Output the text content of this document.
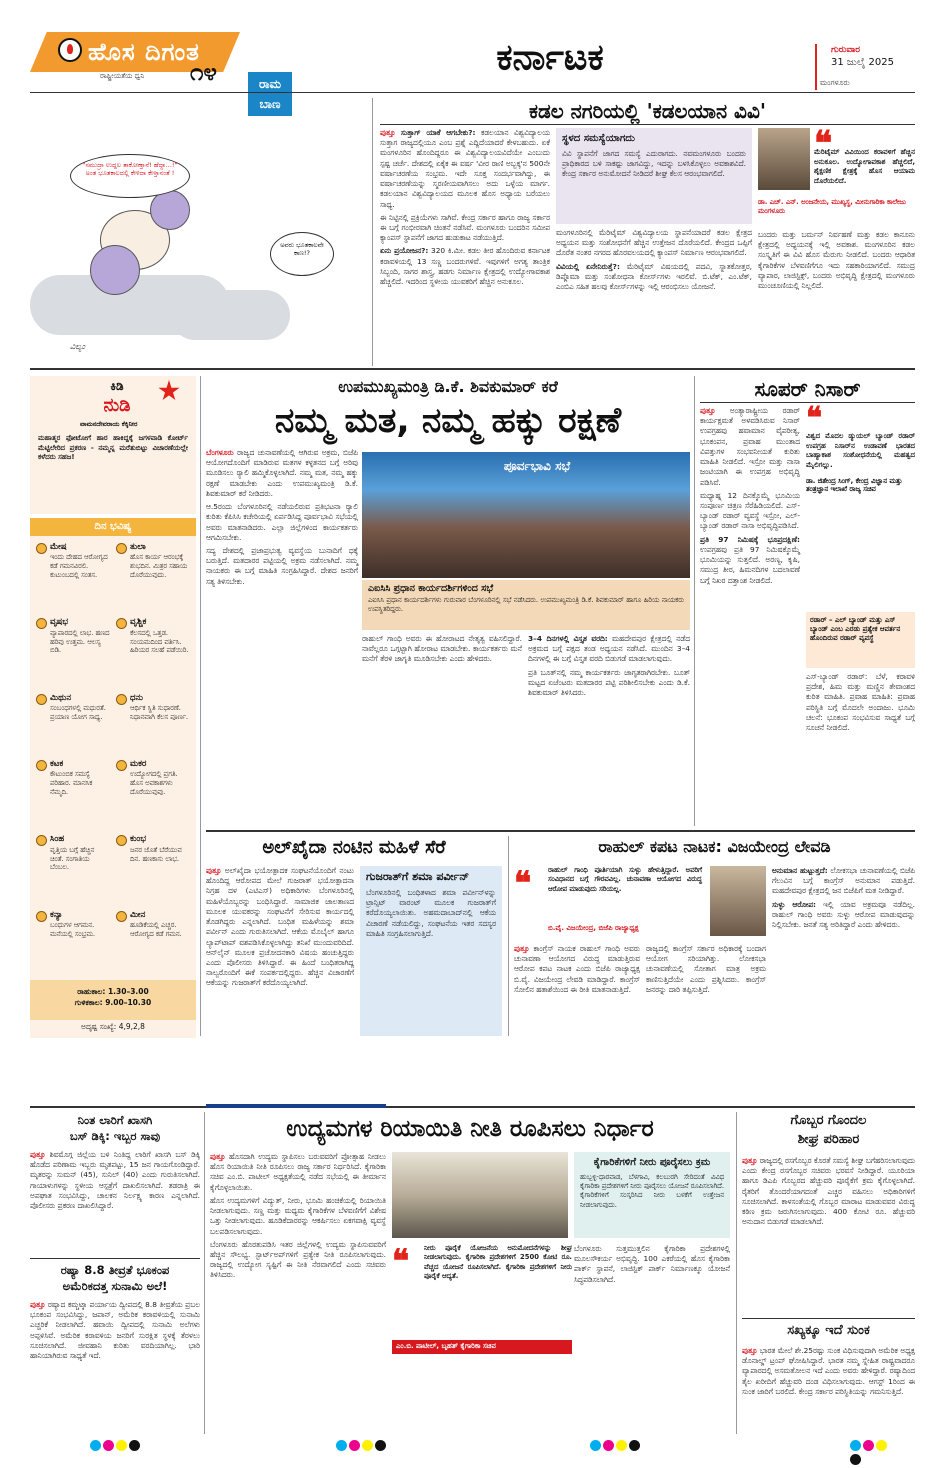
ಹೊಸ ದಿಗಂತ
ರಾಷ್ಟ್ರೀಯತೆಯ ಧ್ವನಿ	೧೪	ರಾಮ
ಬಾಣ
ಕರ್ನಾಟಕ	ಗುರುವಾರ
31 ಜುಲೈ 2025
ಮಂಗಳೂರು
"ಸಮುದ್ರಾ ಉದ್ದಲ ತಾಕೋಣ್ತಾನೆ! ಹೆದ್ದಾ...!" ಅಂತ ಭೂತಕಾಲದಲ್ಲಿ ಕೇಳಿದಾ ಕೇಳ್ತಾನಂತೆ !
ಅವರು ಭೂತಕಾಲವೇ ಕಾಣ!?
ವಿಲ್ಯಂ
ಕಡಲ ನಗರಿಯಲ್ಲಿ 'ಕಡಲಯಾನ ವಿವಿ'

ಪುತ್ತೂ ಸುತ್ತಾಗ್ ಯಾಕೆ ಆಗಬೇಕು?: ಕಡಲಯಾನ ವಿಶ್ವವಿದ್ಯಾಲಯ ಸುತ್ತಾಗ ರಾಜ್ಯದಲ್ಲಿಯೂ ಎಂಬ ಪ್ರಶ್ನೆ ಎದ್ದಿದೆಯಾದರೆ ಕೇಳಬಹುದು. ಏಕೆ ಮಂಗಳೂರಿನ ಹೊಂದಿದ್ದರೂ ಈ ವಿಶ್ವವಿದ್ಯಾಲಯವಿದೆಯೇ ಎಂಬುದು ಸ್ಪಷ್ಟ ಚರ್ಚೆ. ದೇಶದಲ್ಲಿ ಏಕೈಕ ಈ ವರ್ಷ 'ವೀರ ರಾಣಿ ಅಬ್ಬಕ್ಕ'ನ 500ನೇ ವರ್ಷಾಚರಣೆಯ ಸಂಭ್ರಮ. ಇದೇ ಸೂಕ್ತ ಸಂದರ್ಭವಾಗಿದ್ದು, ಈ ವರ್ಷಾಚರಣೆಯನ್ನು ಸ್ಮರಣೀಯವಾಗಿಸಲು ಅದು ಒಳ್ಳೆಯ ಮಾರ್ಗ. ಕಡಲಯಾನ ವಿಶ್ವವಿದ್ಯಾಲಯದ ಮೂಲಕ ಹೊಸ ಅಧ್ಯಾಯ ಬರೆಯಲು ಸಾಧ್ಯ.

ಈ ನಿಟ್ಟಿನಲ್ಲಿ ಪ್ರಕ್ರಿಯೆಗಳು ಸಾಗಿವೆ. ಕೇಂದ್ರ ಸರ್ಕಾರ ಹಾಗೂ ರಾಜ್ಯ ಸರ್ಕಾರ ಈ ಬಗ್ಗೆ ಗಂಭೀರವಾಗಿ ಚಿಂತನೆ ನಡೆಸಿವೆ. ಮಂಗಳೂರು ಬಂದರಿನ ಸಮೀಪ ಕ್ಯಾಂಪಸ್ ಸ್ಥಾಪನೆಗೆ ಜಾಗದ ಹುಡುಕಾಟ ನಡೆಯುತ್ತಿದೆ.

ಏನು ಪ್ರಯೋಜನ?: 320 ಕಿ.ಮೀ. ಕಡಲ ತೀರ ಹೊಂದಿರುವ ಕರ್ನಾಟಕ ಕರಾವಳಿಯಲ್ಲಿ 13 ಸಣ್ಣ ಬಂದರುಗಳಿವೆ. ಇವುಗಳಿಗೆ ಅಗತ್ಯ ತಾಂತ್ರಿಕ ಸಿಬ್ಬಂದಿ, ಸಾಗರ ಶಾಸ್ತ್ರ, ಹಡಗು ನಿರ್ಮಾಣ ಕ್ಷೇತ್ರದಲ್ಲಿ ಉದ್ಯೋಗಾವಕಾಶ ಹೆಚ್ಚಲಿದೆ. ಇದರಿಂದ ಸ್ಥಳೀಯ ಯುವಕರಿಗೆ ಹೆಚ್ಚಿನ ಅನುಕೂಲ.

ಸ್ಥಳದ ಸಮಸ್ಯೆಯಾಗದು
ವಿವಿ ಸ್ಥಾಪನೆಗೆ ಜಾಗದ ಸಮಸ್ಯೆ ಎದುರಾಗದು. ನವಮಂಗಳೂರು ಬಂದರು ಪ್ರಾಧಿಕಾರದ ಬಳಿ ಸಾಕಷ್ಟು ಜಾಗವಿದ್ದು, ಇದನ್ನು ಬಳಸಿಕೊಳ್ಳಲು ಅವಕಾಶವಿದೆ. ಕೇಂದ್ರ ಸರ್ಕಾರ ಅನುಮೋದನೆ ನೀಡಿದರೆ ಶೀಘ್ರ ಕೆಲಸ ಆರಂಭವಾಗಲಿದೆ.

ಮಂಗಳೂರಿನಲ್ಲಿ ಮೆರಿಟೈಮ್ ವಿಶ್ವವಿದ್ಯಾಲಯ ಸ್ಥಾಪನೆಯಾದರೆ ಕಡಲ ಕ್ಷೇತ್ರದ ಅಧ್ಯಯನ ಮತ್ತು ಸಂಶೋಧನೆಗೆ ಹೆಚ್ಚಿನ ಉತ್ತೇಜನ ದೊರೆಯಲಿದೆ. ಕೇಂದ್ರದ ಒಪ್ಪಿಗೆ ದೊರೆತ ನಂತರ ನಗರದ ಹೊರವಲಯದಲ್ಲಿ ಕ್ಯಾಂಪಸ್ ನಿರ್ಮಾಣ ಆರಂಭವಾಗಲಿದೆ.

ವಿವಿಯಲ್ಲಿ ಏನೇನಿರುತ್ತೆ?: ಮೆರಿಟೈಮ್ ವಿಷಯದಲ್ಲಿ ಪದವಿ, ಸ್ನಾತಕೋತ್ತರ, ಡಿಪ್ಲೊಮಾ ಮತ್ತು ಸಂಶೋಧನಾ ಕೋರ್ಸ್‌ಗಳು ಇರಲಿವೆ. ಬಿ.ಟೆಕ್, ಎಂ.ಟೆಕ್, ಎಂಬಿಎ ಸಹಿತ ಹಲವು ಕೋರ್ಸ್‌ಗಳನ್ನು ಇಲ್ಲಿ ಆರಂಭಿಸಲು ಯೋಜನೆ.

❝
ಮೆರಿಟೈಮ್ ವಿವಿಯಿಂದ ಕರಾವಳಿಗೆ ಹೆಚ್ಚಿನ ಅನುಕೂಲ. ಉದ್ಯೋಗಾವಕಾಶ ಹೆಚ್ಚಲಿದೆ, ಶೈಕ್ಷಣಿಕ ಕ್ಷೇತ್ರಕ್ಕೆ ಹೊಸ ಆಯಾಮ ದೊರೆಯಲಿದೆ.
ಡಾ. ಎಚ್. ಎನ್. ಅಂಜನೇಯ, ಮುಖ್ಯಸ್ಥ, ಮೀನುಗಾರಿಕಾ ಕಾಲೇಜು ಮಂಗಳೂರು
ಬಂದರು ಮತ್ತು ಬರ್ಮನ್ ನಿರ್ವಹಣೆ ಮತ್ತು ಕಡಲ ಕಾನೂನು ಕ್ಷೇತ್ರದಲ್ಲಿ ಅಧ್ಯಯನಕ್ಕೆ ಇಲ್ಲಿ ಅವಕಾಶ. ಮಂಗಳೂರಿನ ಕಡಲ ಸಂಸ್ಕೃತಿಗೆ ಈ ವಿವಿ ಹೊಸ ಮೆರುಗು ನೀಡಲಿದೆ. ಬಂದರು ಆಧಾರಿತ ಕೈಗಾರಿಕೆಗಳ ಬೆಳವಣಿಗೆಗೂ ಇದು ಸಹಕಾರಿಯಾಗಲಿದೆ. ಸಮುದ್ರ ವ್ಯಾಪಾರ, ಲಾಜಿಸ್ಟಿಕ್ಸ್, ಬಂದರು ಅಭಿವೃದ್ಧಿ ಕ್ಷೇತ್ರದಲ್ಲಿ ಮಂಗಳೂರು ಮುಂಚೂಣಿಯಲ್ಲಿ ನಿಲ್ಲಲಿದೆ.
ಕಿಡಿ
ನುಡಿ
ವಾಮನದೇವರಾಯ ಕೆಕ್ಕಿನೀರ
ಮಹಾತ್ಮರ ಫೋಟೋಗೆ ಹಾರ ಹಾಕಿದ್ದಕ್ಕೆ ಜಗಳವಾಡಿ ಕೋರ್ಟ್ ಮೆಟ್ಟಿಲೇರಿದ ಪ್ರಕರಣ - ನಮ್ಮನ್ನ ಮರೆತುಬಿಟ್ಟು ವಿಚಾರಣೆಯಲ್ಲೇ ಕಳೆದರು ಸಹಜ!
ದಿನ ಭವಿಷ್ಯ
ಮೇಷ
ಇಂದು ದೇಹದ ಆರೋಗ್ಯದ ಕಡೆ ಗಮನವಿರಲಿ. ಕುಟುಂಬದಲ್ಲಿ ಸಂತಸ.
ತುಲಾ
ಹೊಸ ಕಾರ್ಯ ಆರಂಭಕ್ಕೆ ಶುಭದಿನ. ಮಿತ್ರರ ಸಹಾಯ ದೊರೆಯುವುದು.
ವೃಷಭ
ವ್ಯಾಪಾರದಲ್ಲಿ ಲಾಭ. ಹಣದ ಹರಿವು ಉತ್ತಮ. ಆಲಸ್ಯ ಬಿಡಿ.
ವೃಶ್ಚಿಕ
ಕೆಲಸದಲ್ಲಿ ಒತ್ತಡ. ಸಂಯಮದಿಂದ ವರ್ತಿಸಿ. ಹಿರಿಯರ ಸಲಹೆ ಪಡೆಯಿರಿ.
ಮಿಥುನ
ಸಂಬಂಧಗಳಲ್ಲಿ ಮಧುರತೆ. ಪ್ರಯಾಣ ಯೋಗ ಸಾಧ್ಯ.
ಧನು
ಆರ್ಥಿಕ ಸ್ಥಿತಿ ಸುಧಾರಣೆ. ನಿಧಾನವಾಗಿ ಕೆಲಸ ಪೂರ್ಣ.
ಕಟಕ
ಕೌಟುಂಬಿಕ ಸಮಸ್ಯೆ ಪರಿಹಾರ. ಮಾನಸಿಕ ನೆಮ್ಮದಿ.
ಮಕರ
ಉದ್ಯೋಗದಲ್ಲಿ ಪ್ರಗತಿ. ಹೊಸ ಅವಕಾಶಗಳು ದೊರೆಯುವುವು.
ಸಿಂಹ
ವೃತ್ತಿಯ ಬಗ್ಗೆ ಹೆಚ್ಚಿನ ಚಿಂತೆ. ಸಂಗಾತಿಯ ಬೆಂಬಲ.
ಕುಂಭ
ಜನರ ಜೊತೆ ಬೆರೆಯುವ ದಿನ. ಹಣಕಾಸು ಲಾಭ.
ಕನ್ಯಾ
ಬಂಧುಗಳ ಆಗಮನ. ಮನೆಯಲ್ಲಿ ಸಂಭ್ರಮ.
ಮೀನ
ಹೂಡಿಕೆಯಲ್ಲಿ ಎಚ್ಚರ. ಆರೋಗ್ಯದ ಕಡೆ ಗಮನ.
ರಾಹುಕಾಲ: 1.30–3.00
ಗುಳಿಕಕಾಲ: 9.00–10.30
ಅದೃಷ್ಟ ಸಂಖ್ಯೆ: 4,9,2,8
ಉಪಮುಖ್ಯಮಂತ್ರಿ ಡಿ.ಕೆ. ಶಿವಕುಮಾರ್ ಕರೆ
ನಮ್ಮ ಮತ, ನಮ್ಮ ಹಕ್ಕು ರಕ್ಷಣೆ

ಬೆಂಗಳೂರು ರಾಜ್ಯದ ಚುನಾವಣೆಯಲ್ಲಿ ಆಗಿರುವ ಅಕ್ರಮ, ಬಿಜೆಪಿ ಆಯೋಗದೊಂದಿಗೆ ಮಾಡಿರುವ ಮತಗಳ ಕಳ್ಳತನದ ಬಗ್ಗೆ ಅರಿವು ಮೂಡಿಸಲು ರ‍್ಯಾಲಿ ಹಮ್ಮಿಕೊಳ್ಳಲಾಗಿದೆ. ನಮ್ಮ ಮತ, ನಮ್ಮ ಹಕ್ಕು ರಕ್ಷಣೆ ಮಾಡಬೇಕು ಎಂದು ಉಪಮುಖ್ಯಮಂತ್ರಿ ಡಿ.ಕೆ. ಶಿವಕುಮಾರ್ ಕರೆ ನೀಡಿದರು.

ಆ.5ರಂದು ಬೆಂಗಳೂರಿನಲ್ಲಿ ನಡೆಯಲಿರುವ ಪ್ರತಿಭಟನಾ ರ‍್ಯಾಲಿ ಕುರಿತು ಕೆಪಿಸಿಸಿ ಕಚೇರಿಯಲ್ಲಿ ಏರ್ಪಡಿಸಿದ್ದ ಪೂರ್ವಭಾವಿ ಸಭೆಯಲ್ಲಿ ಅವರು ಮಾತನಾಡಿದರು. ಎಲ್ಲಾ ಜಿಲ್ಲೆಗಳಿಂದ ಕಾರ್ಯಕರ್ತರು ಆಗಮಿಸಬೇಕು.

ಸದ್ಯ ದೇಶದಲ್ಲಿ ಪ್ರಜಾಪ್ರಭುತ್ವ ವ್ಯವಸ್ಥೆಯ ಬುನಾದಿಗೆ ಧಕ್ಕೆ ಬರುತ್ತಿದೆ. ಮತದಾರರ ಪಟ್ಟಿಯಲ್ಲಿ ಅಕ್ರಮ ನಡೆಸಲಾಗಿದೆ. ನಮ್ಮ ನಾಯಕರು ಈ ಬಗ್ಗೆ ಮಾಹಿತಿ ಸಂಗ್ರಹಿಸಿದ್ದಾರೆ. ದೇಶದ ಜನರಿಗೆ ಸತ್ಯ ತಿಳಿಸಬೇಕು.

ಪೂರ್ವಭಾವಿ ಸಭೆ
ಎಐಸಿಸಿ ಪ್ರಧಾನ ಕಾರ್ಯದರ್ಶಿಗಳಿಂದ ಸಭೆ
ಎಐಸಿಸಿ ಪ್ರಧಾನ ಕಾರ್ಯದರ್ಶಿಗಳು ಗುರುವಾರ ಬೆಂಗಳೂರಿನಲ್ಲಿ ಸಭೆ ನಡೆಸಿದರು. ಉಪಮುಖ್ಯಮಂತ್ರಿ ಡಿ.ಕೆ. ಶಿವಕುಮಾರ್ ಹಾಗೂ ಹಿರಿಯ ನಾಯಕರು ಉಪಸ್ಥಿತರಿದ್ದರು.

ರಾಹುಲ್ ಗಾಂಧಿ ಅವರು ಈ ಹೋರಾಟದ ನೇತೃತ್ವ ವಹಿಸಲಿದ್ದಾರೆ. ನಾವೆಲ್ಲರೂ ಒಗ್ಗಟ್ಟಾಗಿ ಹೋರಾಟ ಮಾಡಬೇಕು. ಕಾರ್ಯಕರ್ತರು ಮನೆ ಮನೆಗೆ ತೆರಳಿ ಜಾಗೃತಿ ಮೂಡಿಸಬೇಕು ಎಂದು ಹೇಳಿದರು.

3–4 ದಿನಗಳಲ್ಲಿ ವಿಸ್ತೃತ ವರದಿ: ಮಹದೇವಪುರ ಕ್ಷೇತ್ರದಲ್ಲಿ ನಡೆದ ಅಕ್ರಮದ ಬಗ್ಗೆ ಪಕ್ಷದ ತಂಡ ಅಧ್ಯಯನ ನಡೆಸಿದೆ. ಮುಂದಿನ 3–4 ದಿನಗಳಲ್ಲಿ ಈ ಬಗ್ಗೆ ವಿಸ್ತೃತ ವರದಿ ಬಿಡುಗಡೆ ಮಾಡಲಾಗುವುದು.

ಪ್ರತಿ ಬೂತ್‌ನಲ್ಲಿ ನಮ್ಮ ಕಾರ್ಯಕರ್ತರು ಜಾಗೃತರಾಗಿರಬೇಕು. ಬೂತ್ ಮಟ್ಟದ ಏಜೆಂಟರು ಮತದಾರರ ಪಟ್ಟಿ ಪರಿಶೀಲಿಸಬೇಕು ಎಂದು ಡಿ.ಕೆ. ಶಿವಕುಮಾರ್ ತಿಳಿಸಿದರು.

ಸೂಪರ್ ನಿಸಾರ್

ಪುತ್ತೂ ಅಂತ್ಯಾರಾಷ್ಟ್ರೀಯ ರಡಾರ್ ಕಾರ್ಯಕ್ಷಮತೆ ಅಳವಡಿಸಿರುವ ನಿಸಾರ್ ಉಪಗ್ರಹವು ಹವಾಮಾನ ವೈಪರೀತ್ಯ, ಭೂಕಂಪನ, ಪ್ರವಾಹ ಮುಂತಾದ ವಿಪತ್ತುಗಳ ಸಂಭವನೀಯತೆ ಕುರಿತು ಮಾಹಿತಿ ನೀಡಲಿದೆ. ಇಸ್ರೋ ಮತ್ತು ನಾಸಾ ಜಂಟಿಯಾಗಿ ಈ ಉಪಗ್ರಹ ಅಭಿವೃದ್ಧಿ ಪಡಿಸಿವೆ.

ಮಧ್ಯಾಹ್ನ 12 ದಿನಕ್ಕೊಮ್ಮೆ ಭೂಮಿಯ ಸಂಪೂರ್ಣ ಚಿತ್ರಣ ಸೆರೆಹಿಡಿಯಲಿದೆ. ಎಸ್-ಬ್ಯಾಂಡ್ ರಡಾರ್ ವ್ಯವಸ್ಥೆ ಇಸ್ರೋ, ಎಲ್-ಬ್ಯಾಂಡ್ ರಡಾರ್ ನಾಸಾ ಅಭಿವೃದ್ಧಿಪಡಿಸಿದೆ.

ಪ್ರತಿ 97 ನಿಮಿಷಕ್ಕೆ ಭೂಪ್ರದಕ್ಷಿಣೆ: ಉಪಗ್ರಹವು ಪ್ರತಿ 97 ನಿಮಿಷಕ್ಕೊಮ್ಮೆ ಭೂಮಿಯನ್ನು ಸುತ್ತಲಿದೆ. ಅರಣ್ಯ, ಕೃಷಿ, ಸಮುದ್ರ ತೀರ, ಹಿಮನದಿಗಳ ಬದಲಾವಣೆ ಬಗ್ಗೆ ನಿಖರ ದತ್ತಾಂಶ ನೀಡಲಿದೆ.

❝
ವಿಶ್ವದ ಮೊದಲ ಡ್ಯುಯಲ್ ಬ್ಯಾಂಡ್ ರಡಾರ್ ಉಪಗ್ರಹ ನಿಸಾರ್‌ನ ಉಡಾವಣೆ ಭಾರತದ ಬಾಹ್ಯಾಕಾಶ ಸಂಶೋಧನೆಯಲ್ಲಿ ಮಹತ್ವದ ಮೈಲಿಗಲ್ಲು.
ಡಾ. ಜಿತೇಂದ್ರ ಸಿಂಗ್, ಕೇಂದ್ರ ವಿಜ್ಞಾನ ಮತ್ತು ತಂತ್ರಜ್ಞಾನ ಇಲಾಖೆ ರಾಜ್ಯ ಸಚಿವ
ರಡಾರ್ – ಎಲ್ ಬ್ಯಾಂಡ್ ಮತ್ತು ಎಸ್ ಬ್ಯಾಂಡ್ ಎಂಬ ಎರಡು ಪ್ರತ್ಯೇಕ ಆವರ್ತನ ಹೊಂದಿರುವ ರಡಾರ್ ವ್ಯವಸ್ಥೆ
ಎಸ್-ಬ್ಯಾಂಡ್ ರಡಾರ್: ಬೆಳೆ, ಕರಾವಳಿ ಪ್ರದೇಶ, ಹಿಮ ಮತ್ತು ಮಣ್ಣಿನ ತೇವಾಂಶದ ಕುರಿತ ಮಾಹಿತಿ. ಪ್ರವಾಹ ಮಾಹಿತಿ: ಪ್ರವಾಹ ಪರಿಸ್ಥಿತಿ ಬಗ್ಗೆ ಮೊದಲೇ ಅಂದಾಜು. ಭೂಮಿ ಚಲನೆ: ಭೂಕಂಪ ಸಂಭವಿಸುವ ಸಾಧ್ಯತೆ ಬಗ್ಗೆ ಸೂಚನೆ ನೀಡಲಿದೆ.
ಅಲ್‌ಖೈದಾ ನಂಟಿನ ಮಹಿಳೆ ಸೆರೆ

ಪುತ್ತೂ ಅಲ್‌ಖೈದಾ ಭಯೋತ್ಪಾದಕ ಸಂಘಟನೆಯೊಂದಿಗೆ ನಂಟು ಹೊಂದಿದ್ದ ಆರೋಪದ ಮೇಲೆ ಗುಜರಾತ್ ಭಯೋತ್ಪಾದನಾ ನಿಗ್ರಹ ದಳ (ಎಟಿಎಸ್) ಅಧಿಕಾರಿಗಳು ಬೆಂಗಳೂರಿನಲ್ಲಿ ಮಹಿಳೆಯೊಬ್ಬರನ್ನು ಬಂಧಿಸಿದ್ದಾರೆ. ಸಾಮಾಜಿಕ ಜಾಲತಾಣದ ಮೂಲಕ ಯುವಕರನ್ನು ಸಂಘಟನೆಗೆ ಸೇರಿಸುವ ಕಾರ್ಯದಲ್ಲಿ ತೊಡಗಿದ್ದರು ಎನ್ನಲಾಗಿದೆ. ಬಂಧಿತ ಮಹಿಳೆಯನ್ನು ಶಮಾ ಪರ್ವೀನ್ ಎಂದು ಗುರುತಿಸಲಾಗಿದೆ. ಆಕೆಯ ಮೊಬೈಲ್ ಹಾಗೂ ಲ್ಯಾಪ್‌ಟಾಪ್ ವಶಪಡಿಸಿಕೊಳ್ಳಲಾಗಿದ್ದು ತನಿಖೆ ಮುಂದುವರಿದಿದೆ. ಆನ್‌ಲೈನ್ ಮೂಲಕ ಪ್ರಚೋದನಕಾರಿ ವಿಷಯ ಹಂಚುತ್ತಿದ್ದರು ಎಂದು ಪೊಲೀಸರು ತಿಳಿಸಿದ್ದಾರೆ. ಈ ಹಿಂದೆ ಬಂಧಿತರಾಗಿದ್ದ ನಾಲ್ವರೊಂದಿಗೆ ಈಕೆ ಸಂಪರ್ಕದಲ್ಲಿದ್ದರು. ಹೆಚ್ಚಿನ ವಿಚಾರಣೆಗೆ ಆಕೆಯನ್ನು ಗುಜರಾತ್‌ಗೆ ಕರೆದೊಯ್ಯಲಾಗಿದೆ.

ಗುಜರಾತ್‌ಗೆ ಶಮಾ ಪರ್ವೀನ್
ಬೆಂಗಳೂರಿನಲ್ಲಿ ಬಂಧಿತಳಾದ ಶಮಾ ಪರ್ವೀನ್‌ಳನ್ನು ಟ್ರಾನ್ಸಿಟ್ ವಾರಂಟ್ ಮೂಲಕ ಗುಜರಾತ್‌ಗೆ ಕರೆದೊಯ್ಯಲಾಯಿತು. ಅಹಮದಾಬಾದ್‌ನಲ್ಲಿ ಆಕೆಯ ವಿಚಾರಣೆ ನಡೆಯಲಿದ್ದು, ಸಂಘಟನೆಯ ಇತರ ಸದಸ್ಯರ ಮಾಹಿತಿ ಸಂಗ್ರಹಿಸಲಾಗುತ್ತಿದೆ.
ರಾಹುಲ್ ಕಪಟ ನಾಟಕ: ವಿಜಯೇಂದ್ರ ಲೇವಡಿ
❝	ರಾಹುಲ್ ಗಾಂಧಿ ಪೂರ್ತಿಯಾಗಿ ಸುಳ್ಳು ಹೇಳುತ್ತಿದ್ದಾರೆ. ಅವರಿಗೆ ಸಂವಿಧಾನದ ಬಗ್ಗೆ ಗೌರವವಿಲ್ಲ. ಚುನಾವಣಾ ಆಯೋಗದ ವಿರುದ್ಧ ಆರೋಪ ಮಾಡುವುದು ಸರಿಯಲ್ಲ.
ಬಿ.ವೈ. ವಿಜಯೇಂದ್ರ, ಬಿಜೆಪಿ ರಾಜ್ಯಾಧ್ಯಕ್ಷ

ಪುತ್ತೂ ಕಾಂಗ್ರೆಸ್ ನಾಯಕ ರಾಹುಲ್ ಗಾಂಧಿ ಅವರು ಚುನಾವಣಾ ಆಯೋಗದ ವಿರುದ್ಧ ಮಾಡುತ್ತಿರುವ ಆರೋಪ ಕಪಟ ನಾಟಕ ಎಂದು ಬಿಜೆಪಿ ರಾಜ್ಯಾಧ್ಯಕ್ಷ ಬಿ.ವೈ. ವಿಜಯೇಂದ್ರ ಲೇವಡಿ ಮಾಡಿದ್ದಾರೆ. ಕಾಂಗ್ರೆಸ್ ಸೋಲಿನ ಹತಾಶೆಯಿಂದ ಈ ರೀತಿ ಮಾತನಾಡುತ್ತಿದೆ.

ರಾಜ್ಯದಲ್ಲಿ ಕಾಂಗ್ರೆಸ್ ಸರ್ಕಾರ ಅಧಿಕಾರಕ್ಕೆ ಬಂದಾಗ ಆಯೋಗ ಸರಿಯಾಗಿತ್ತು. ಲೋಕಸಭಾ ಚುನಾವಣೆಯಲ್ಲಿ ಸೋತಾಗ ಮಾತ್ರ ಅಕ್ರಮ ಕಾಣಿಸುತ್ತಿದೆಯೇ ಎಂದು ಪ್ರಶ್ನಿಸಿದರು. ಕಾಂಗ್ರೆಸ್ ಜನರನ್ನು ದಾರಿ ತಪ್ಪಿಸುತ್ತಿದೆ.

ಅನುಮಾನ ಹುಟ್ಟುತ್ತದೆ: ಲೋಕಸಭಾ ಚುನಾವಣೆಯಲ್ಲಿ ಬಿಜೆಪಿ ಗೆಲುವಿನ ಬಗ್ಗೆ ಕಾಂಗ್ರೆಸ್ ಅನುಮಾನ ಪಡುತ್ತಿದೆ. ಮಹದೇವಪುರ ಕ್ಷೇತ್ರದಲ್ಲಿ ಜನ ಬಿಜೆಪಿಗೆ ಮತ ನೀಡಿದ್ದಾರೆ.

ಸುಳ್ಳು ಆರೋಪ: ಇಲ್ಲಿ ಯಾವ ಅಕ್ರಮವೂ ನಡೆದಿಲ್ಲ. ರಾಹುಲ್ ಗಾಂಧಿ ಅವರು ಸುಳ್ಳು ಆರೋಪ ಮಾಡುವುದನ್ನು ನಿಲ್ಲಿಸಬೇಕು. ಜನತೆ ಸತ್ಯ ಅರಿತಿದ್ದಾರೆ ಎಂದು ಹೇಳಿದರು.

ನಿಂತ ಲಾರಿಗೆ ಖಾಸಗಿ
ಬಸ್ ಡಿಕ್ಕಿ: ಇಬ್ಬರ ಸಾವು
ಪುತ್ತೂ ಶಿವಮೊಗ್ಗ ಜಿಲ್ಲೆಯ ಬಳಿ ನಿಂತಿದ್ದ ಲಾರಿಗೆ ಖಾಸಗಿ ಬಸ್ ಡಿಕ್ಕಿ ಹೊಡೆದ ಪರಿಣಾಮ ಇಬ್ಬರು ಮೃತಪಟ್ಟು, 15 ಜನ ಗಾಯಗೊಂಡಿದ್ದಾರೆ. ಮೃತರನ್ನು ಸುಮನ್ (45), ಸುನಿಲ್ (40) ಎಂದು ಗುರುತಿಸಲಾಗಿದೆ. ಗಾಯಾಳುಗಳನ್ನು ಸ್ಥಳೀಯ ಆಸ್ಪತ್ರೆಗೆ ದಾಖಲಿಸಲಾಗಿದೆ. ತಡರಾತ್ರಿ ಈ ಅಪಘಾತ ಸಂಭವಿಸಿದ್ದು, ಚಾಲಕನ ನಿರ್ಲಕ್ಷ್ಯ ಕಾರಣ ಎನ್ನಲಾಗಿದೆ. ಪೊಲೀಸರು ಪ್ರಕರಣ ದಾಖಲಿಸಿದ್ದಾರೆ.
ರಷ್ಯಾ 8.8 ತೀವ್ರತೆ ಭೂಕಂಪ
ಅಮೆರಿಕದತ್ತ ಸುನಾಮಿ ಅಲೆ!
ಪುತ್ತೂ ರಷ್ಯಾದ ಕಮ್ಚಟ್ಕಾ ಪರ್ಯಾಯ ದ್ವೀಪದಲ್ಲಿ 8.8 ತೀವ್ರತೆಯ ಪ್ರಬಲ ಭೂಕಂಪ ಸಂಭವಿಸಿದ್ದು, ಜಪಾನ್, ಅಮೆರಿಕ ಕರಾವಳಿಯಲ್ಲಿ ಸುನಾಮಿ ಎಚ್ಚರಿಕೆ ನೀಡಲಾಗಿದೆ. ಹವಾಯಿ ದ್ವೀಪದಲ್ಲಿ ಸುನಾಮಿ ಅಲೆಗಳು ಅಪ್ಪಳಿಸಿವೆ. ಅಮೆರಿಕ ಕರಾವಳಿಯ ಜನರಿಗೆ ಸುರಕ್ಷಿತ ಸ್ಥಳಕ್ಕೆ ತೆರಳಲು ಸೂಚಿಸಲಾಗಿದೆ. ಜೀವಹಾನಿ ಕುರಿತು ವರದಿಯಾಗಿಲ್ಲ. ಭಾರಿ ಹಾನಿಯಾಗಿರುವ ಸಾಧ್ಯತೆ ಇದೆ.
ಉದ್ಯಮಗಳ ರಿಯಾಯಿತಿ ನೀತಿ ರೂಪಿಸಲು ನಿರ್ಧಾರ

ಪುತ್ತೂ ಹೊಸದಾಗಿ ಉದ್ಯಮ ಸ್ಥಾಪಿಸಲು ಬರುವವರಿಗೆ ಪ್ರೋತ್ಸಾಹ ನೀಡಲು ಹೊಸ ರಿಯಾಯಿತಿ ನೀತಿ ರೂಪಿಸಲು ರಾಜ್ಯ ಸರ್ಕಾರ ನಿರ್ಧರಿಸಿದೆ. ಕೈಗಾರಿಕಾ ಸಚಿವ ಎಂ.ಬಿ. ಪಾಟೀಲ್ ಅಧ್ಯಕ್ಷತೆಯಲ್ಲಿ ನಡೆದ ಸಭೆಯಲ್ಲಿ ಈ ತೀರ್ಮಾನ ಕೈಗೊಳ್ಳಲಾಯಿತು.

ಹೊಸ ಉದ್ಯಮಗಳಿಗೆ ವಿದ್ಯುತ್, ನೀರು, ಭೂಮಿ ಹಂಚಿಕೆಯಲ್ಲಿ ರಿಯಾಯಿತಿ ನೀಡಲಾಗುವುದು. ಸಣ್ಣ ಮತ್ತು ಮಧ್ಯಮ ಕೈಗಾರಿಕೆಗಳ ಬೆಳವಣಿಗೆಗೆ ವಿಶೇಷ ಒತ್ತು ನೀಡಲಾಗುವುದು. ಹೂಡಿಕೆದಾರರನ್ನು ಆಕರ್ಷಿಸಲು ಏಕಗವಾಕ್ಷಿ ವ್ಯವಸ್ಥೆ ಬಲಪಡಿಸಲಾಗುವುದು.

ಬೆಂಗಳೂರು ಹೊರತುಪಡಿಸಿ ಇತರ ಜಿಲ್ಲೆಗಳಲ್ಲಿ ಉದ್ಯಮ ಸ್ಥಾಪಿಸುವವರಿಗೆ ಹೆಚ್ಚಿನ ಸೌಲಭ್ಯ. ಸ್ಟಾರ್ಟ್‌ಅಪ್‌ಗಳಿಗೆ ಪ್ರತ್ಯೇಕ ನೀತಿ ರೂಪಿಸಲಾಗುವುದು. ರಾಜ್ಯದಲ್ಲಿ ಉದ್ಯೋಗ ಸೃಷ್ಟಿಗೆ ಈ ನೀತಿ ನೆರವಾಗಲಿದೆ ಎಂದು ಸಚಿವರು ತಿಳಿಸಿದರು.

ಕೈಗಾರಿಕೆಗಳಿಗೆ ನೀರು ಪೂರೈಸಲು ಕ್ರಮ
ಹುಬ್ಬಳ್ಳಿ-ಧಾರವಾಡ, ಬೆಳಗಾವಿ, ಕಲಬುರಗಿ ಸೇರಿದಂತೆ ವಿವಿಧ ಕೈಗಾರಿಕಾ ಪ್ರದೇಶಗಳಿಗೆ ನೀರು ಪೂರೈಸಲು ಯೋಜನೆ ರೂಪಿಸಲಾಗಿದೆ. ಕೈಗಾರಿಕೆಗಳಿಗೆ ಸಂಸ್ಕರಿಸಿದ ನೀರು ಬಳಕೆಗೆ ಉತ್ತೇಜನ ನೀಡಲಾಗುವುದು.
❝	ನೀರು ಪೂರೈಕೆ ಯೋಜನೆಯ ಅನುಮೋದನೆಗಳನ್ನು ಶೀಘ್ರ ನೀಡಲಾಗುವುದು. ಕೈಗಾರಿಕಾ ಪ್ರದೇಶಗಳಿಗೆ 2500 ಕೋಟಿ ರೂ. ವೆಚ್ಚದ ಯೋಜನೆ ರೂಪಿಸಲಾಗಿದೆ. ಕೈಗಾರಿಕಾ ಪ್ರದೇಶಗಳಿಗೆ ನೀರು ಪೂರೈಕೆ ಆದ್ಯತೆ.
ಎಂ.ಬಿ. ಪಾಟೀಲ್, ಬೃಹತ್ ಕೈಗಾರಿಕಾ ಸಚಿವ
ಬೆಂಗಳೂರು ಸುತ್ತಮುತ್ತಲಿನ ಕೈಗಾರಿಕಾ ಪ್ರದೇಶಗಳಲ್ಲಿ ಮೂಲಸೌಕರ್ಯ ಅಭಿವೃದ್ಧಿ. 100 ಎಕರೆಯಲ್ಲಿ ಹೊಸ ಕೈಗಾರಿಕಾ ಪಾರ್ಕ್ ಸ್ಥಾಪನೆ, ಲಾಜಿಸ್ಟಿಕ್ ಪಾರ್ಕ್ ನಿರ್ಮಾಣಕ್ಕೂ ಯೋಜನೆ ಸಿದ್ಧಪಡಿಸಲಾಗಿದೆ.
ಗೊಬ್ಬರ ಗೊಂದಲ
ಶೀಘ್ರ ಪರಿಹಾರ
ಪುತ್ತೂ ರಾಜ್ಯದಲ್ಲಿ ರಸಗೊಬ್ಬರ ಕೊರತೆ ಸಮಸ್ಯೆ ಶೀಘ್ರ ಬಗೆಹರಿಸಲಾಗುವುದು ಎಂದು ಕೇಂದ್ರ ರಸಗೊಬ್ಬರ ಸಚಿವರು ಭರವಸೆ ನೀಡಿದ್ದಾರೆ. ಯೂರಿಯಾ ಹಾಗೂ ಡಿಎಪಿ ಗೊಬ್ಬರದ ಹೆಚ್ಚುವರಿ ಪೂರೈಕೆಗೆ ಕ್ರಮ ಕೈಗೊಳ್ಳಲಾಗಿದೆ. ರೈತರಿಗೆ ತೊಂದರೆಯಾಗದಂತೆ ಎಚ್ಚರ ವಹಿಸಲು ಅಧಿಕಾರಿಗಳಿಗೆ ಸೂಚಿಸಲಾಗಿದೆ. ಕಾಳಸಂತೆಯಲ್ಲಿ ಗೊಬ್ಬರ ಮಾರಾಟ ಮಾಡುವವರ ವಿರುದ್ಧ ಕಠಿಣ ಕ್ರಮ ಜರುಗಿಸಲಾಗುವುದು. 400 ಕೋಟಿ ರೂ. ಹೆಚ್ಚುವರಿ ಅನುದಾನ ಬಿಡುಗಡೆ ಮಾಡಲಾಗಿದೆ.
ಸಖ್ಯಕ್ಕೂ ಇದೆ ಸುಂಕ
ಪುತ್ತೂ ಭಾರತ ಮೇಲೆ ಶೇ.25ರಷ್ಟು ಸುಂಕ ವಿಧಿಸುವುದಾಗಿ ಅಮೆರಿಕ ಅಧ್ಯಕ್ಷ ಡೊನಾಲ್ಡ್ ಟ್ರಂಪ್ ಘೋಷಿಸಿದ್ದಾರೆ. ಭಾರತ ನಮ್ಮ ಸ್ನೇಹಿತ ರಾಷ್ಟ್ರವಾದರೂ ವ್ಯಾಪಾರದಲ್ಲಿ ಅಸಮತೋಲನ ಇದೆ ಎಂದು ಅವರು ಹೇಳಿದ್ದಾರೆ. ರಷ್ಯಾದಿಂದ ತೈಲ ಖರೀದಿಗೆ ಹೆಚ್ಚುವರಿ ದಂಡ ವಿಧಿಸಲಾಗುವುದು. ಆಗಸ್ಟ್ 1ರಿಂದ ಈ ಸುಂಕ ಜಾರಿಗೆ ಬರಲಿದೆ. ಕೇಂದ್ರ ಸರ್ಕಾರ ಪರಿಸ್ಥಿತಿಯನ್ನು ಗಮನಿಸುತ್ತಿದೆ.
